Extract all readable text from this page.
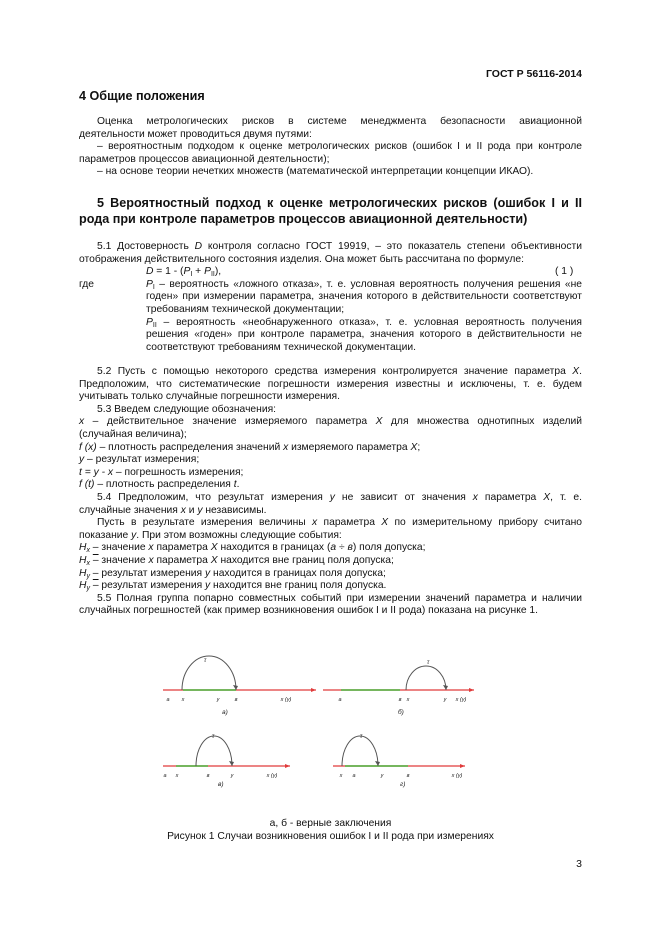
ГОСТ Р 56116-2014
4 Общие положения
Оценка метрологических рисков в системе менеджмента безопасности авиационной
деятельности может проводиться двумя путями:
– вероятностным подходом к оценке метрологических рисков (ошибок I и II рода при контроле
параметров процессов авиационной деятельности);
– на основе теории нечетких множеств (математической интерпретации концепции ИКАО).
5 Вероятностный подход к оценке метрологических рисков (ошибок I и II
рода при контроле параметров процессов авиационной деятельности)
5.1 Достоверность D контроля согласно ГОСТ 19919, – это показатель степени объективности
отображения действительного состояния изделия. Она может быть рассчитана по формуле:
$D = 1 - (P_I + P_{II})$,	( 1 )
где	$P_I$ – вероятность «ложного отказа», т. е. условная вероятность получения решения «не
годен» при измерении параметра, значения которого в действительности соответствуют
требованиям технической документации;
$P_{II}$ – вероятность «необнаруженного отказа», т. е. условная вероятность получения
решения «годен» при контроле параметра, значения которого в действительности не
соответствуют требованиям технической документации.
5.2 Пусть с помощью некоторого средства измерения контролируется значение параметра X.
Предположим, что систематические погрешности измерения известны и исключены, т. е. будем
учитывать только случайные погрешности измерения.
5.3 Введем следующие обозначения:
x – действительное значение измеряемого параметра X для множества однотипных изделий
(случайная величина);
f (x) – плотность распределения значений x измеряемого параметра X;
y – результат измерения;
t = y - x – погрешность измерения;
f (t) – плотность распределения t.
5.4 Предположим, что результат измерения y не зависит от значения x параметра X, т. е.
случайные значения x и y независимы.
Пусть в результате измерения величины x параметра X по измерительному прибору считано
показание y. При этом возможны следующие события:
$H_x$ – значение x параметра X находится в границах (a ÷ в) поля допуска;
$H_x$ – значение x параметра X находится вне границ поля допуска;
$H_y$ – результат измерения y находится в границах поля допуска;
$H_y$ – результат измерения y находится вне границ поля допуска.
5.5 Полная группа попарно совместных событий при измерении значений параметра и наличии
случайных погрешностей (как пример возникновения ошибок I и II рода) показана на рисунке 1.
τ
a x	y	в	x (y)
а)
τ
a	в x	y x (y)
б)
τ
a x	в	y	x (y)
в)
τ
x a	y	в	x (y)
г)
а, б - верные заключения
Рисунок 1 Случаи возникновения ошибок I и II рода при измерениях
3
